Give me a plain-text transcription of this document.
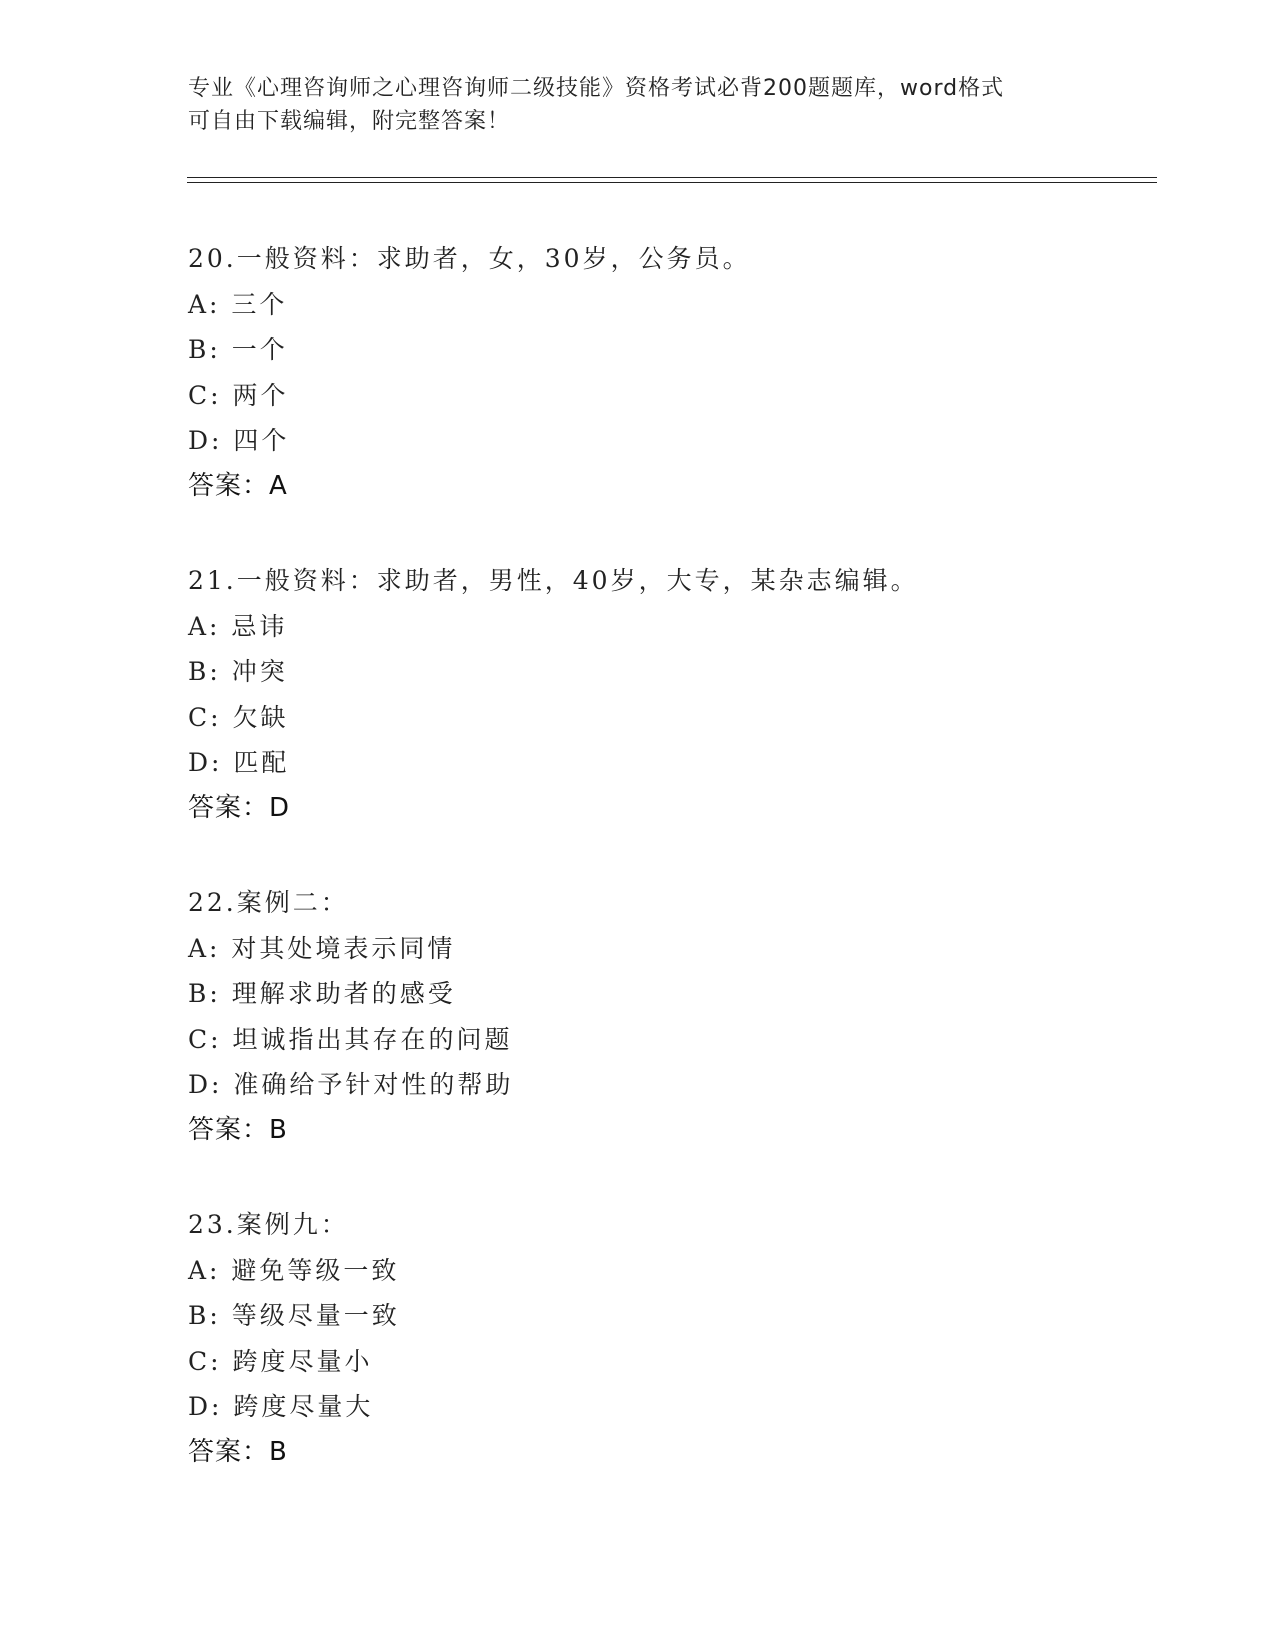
专业《心理咨询师之心理咨询师二级技能》资格考试必背200题题库，word格式
可自由下载编辑，附完整答案！
20.一般资料：求助者，女，30岁，公务员。
A: 三个
B: 一个
C: 两个
D: 四个
答案：A
21.一般资料：求助者，男性，40岁，大专，某杂志编辑。
A: 忌讳
B: 冲突
C: 欠缺
D: 匹配
答案：D
22.案例二：
A: 对其处境表示同情
B: 理解求助者的感受
C: 坦诚指出其存在的问题
D: 准确给予针对性的帮助
答案：B
23.案例九：
A: 避免等级一致
B: 等级尽量一致
C: 跨度尽量小
D: 跨度尽量大
答案：B
